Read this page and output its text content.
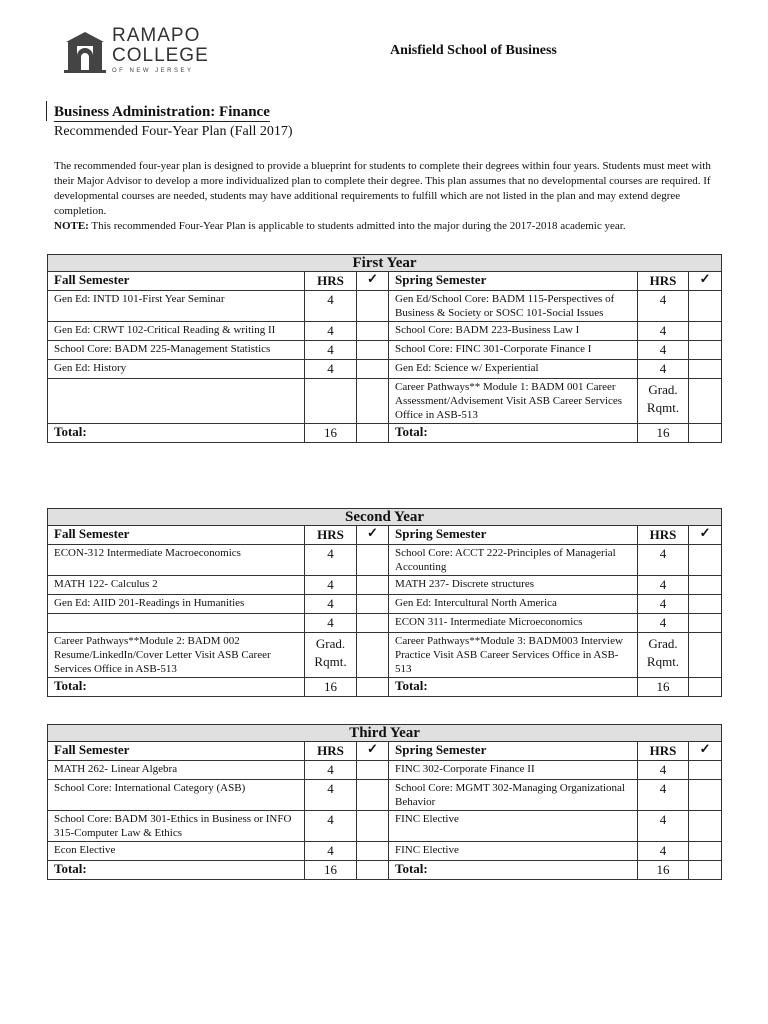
RAMAPO
COLLEGE
OF NEW JERSEY
Anisfield School of Business
Business Administration: Finance
Recommended Four-Year Plan (Fall 2017)
The recommended four-year plan is designed to provide a blueprint for students to complete their degrees within four years. Students must meet with their Major Advisor to develop a more individualized plan to complete their degree. This plan assumes that no developmental courses are required. If developmental courses are needed, students may have additional requirements to fulfill which are not listed in the plan and may extend degree completion.
NOTE: This recommended Four-Year Plan is applicable to students admitted into the major during the 2017-2018 academic year.
First Year					
Fall Semester	HRS	✓	Spring Semester	HRS	✓
Gen Ed: INTD 101-First Year Seminar	4		Gen Ed/School Core: BADM 115-Perspectives of Business & Society or SOSC 101-Social Issues	4	
Gen Ed: CRWT 102-Critical Reading & writing II	4		School Core: BADM 223-Business Law I	4	
School Core: BADM 225-Management Statistics	4		School Core: FINC 301-Corporate Finance I	4	
Gen Ed: History	4		Gen Ed: Science w/ Experiential	4	
			Career Pathways** Module 1: BADM 001 Career Assessment/Advisement Visit ASB Career Services Office in ASB-513	Grad. Rqmt.	
Total:	16		Total:	16	
Second Year					
Fall Semester	HRS	✓	Spring Semester	HRS	✓
ECON-312 Intermediate Macroeconomics	4		School Core: ACCT 222-Principles of Managerial Accounting	4	
MATH 122- Calculus 2	4		MATH 237- Discrete structures	4	
Gen Ed: AIID 201-Readings in Humanities	4		Gen Ed: Intercultural North America	4	
	4		ECON 311- Intermediate Microeconomics	4	
Career Pathways**Module 2: BADM 002 Resume/LinkedIn/Cover Letter Visit ASB Career Services Office in ASB-513	Grad. Rqmt.		Career Pathways**Module 3: BADM003 Interview Practice Visit ASB Career Services Office in ASB-513	Grad. Rqmt.	
Total:	16		Total:	16	
Third Year					
Fall Semester	HRS	✓	Spring Semester	HRS	✓
MATH 262- Linear Algebra	4		FINC 302-Corporate Finance II	4	
School Core: International Category (ASB)	4		School Core: MGMT 302-Managing Organizational Behavior	4	
School Core: BADM 301-Ethics in Business or INFO 315-Computer Law & Ethics	4		FINC Elective	4	
Econ Elective	4		FINC Elective	4	
Total:	16		Total:	16	
